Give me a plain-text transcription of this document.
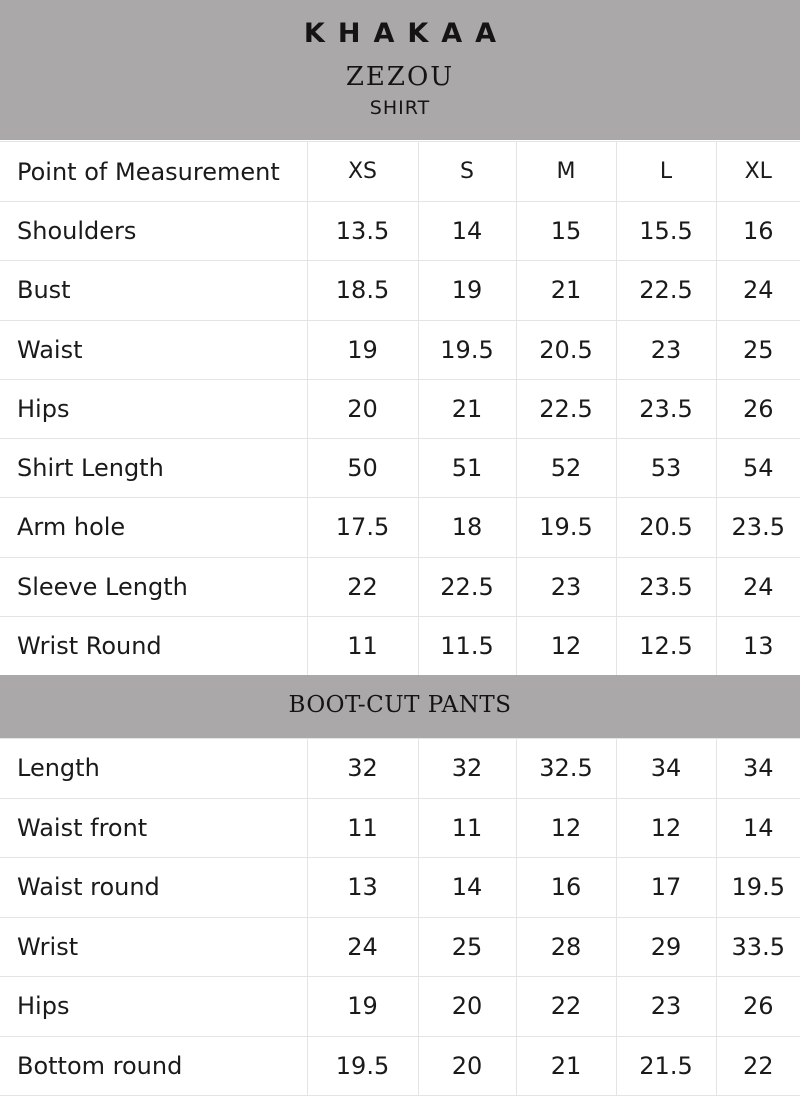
KHAKAA
ZEZOU
SHIRT
Point of Measurement	XS	S	M	L	XL
Shoulders	13.5	14	15	15.5	16
Bust	18.5	19	21	22.5	24
Waist	19	19.5	20.5	23	25
Hips	20	21	22.5	23.5	26
Shirt Length	50	51	52	53	54
Arm hole	17.5	18	19.5	20.5	23.5
Sleeve Length	22	22.5	23	23.5	24
Wrist Round	11	11.5	12	12.5	13
BOOT-CUT PANTS
Length	32	32	32.5	34	34
Waist front	11	11	12	12	14
Waist round	13	14	16	17	19.5
Wrist	24	25	28	29	33.5
Hips	19	20	22	23	26
Bottom round	19.5	20	21	21.5	22
